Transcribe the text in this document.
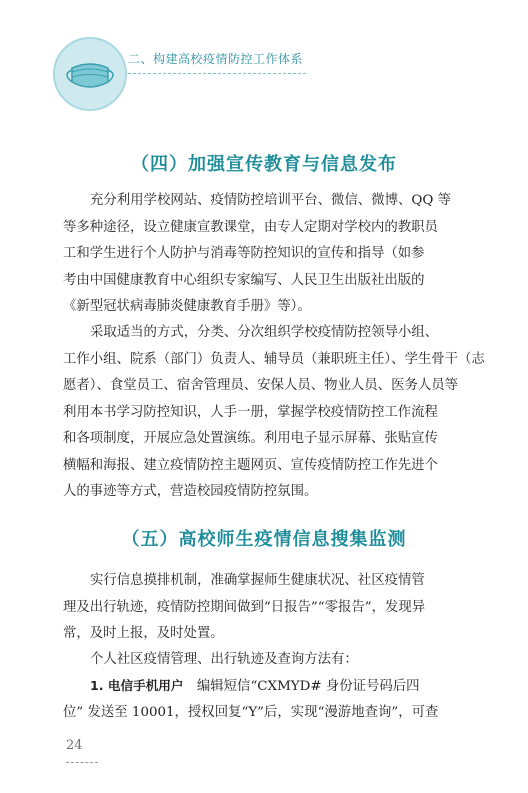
二、构建高校疫情防控工作体系
（四）加强宣传教育与信息发布
充分利用学校网站、疫情防控培训平台、微信、微博、QQ 等
等多种途径，设立健康宣教课堂，由专人定期对学校内的教职员
工和学生进行个人防护与消毒等防控知识的宣传和指导（如参
考由中国健康教育中心组织专家编写、人民卫生出版社出版的
《新型冠状病毒肺炎健康教育手册》等）。
采取适当的方式，分类、分次组织学校疫情防控领导小组、
工作小组、院系（部门）负责人、辅导员（兼职班主任）、学生骨干（志
愿者）、食堂员工、宿舍管理员、安保人员、物业人员、医务人员等
利用本书学习防控知识，人手一册，掌握学校疫情防控工作流程
和各项制度，开展应急处置演练。利用电子显示屏幕、张贴宣传
横幅和海报、建立疫情防控主题网页、宣传疫情防控工作先进个
人的事迹等方式，营造校园疫情防控氛围。
（五）高校师生疫情信息搜集监测
实行信息摸排机制，准确掌握师生健康状况、社区疫情管
理及出行轨迹，疫情防控期间做到“日报告”“零报告”，发现异
常，及时上报，及时处置。
个人社区疫情管理、出行轨迹及查询方法有：
1. 电信手机用户　编辑短信“CXMYD# 身份证号码后四
位” 发送至 10001，授权回复“Y”后，实现“漫游地查询”，可查
24
